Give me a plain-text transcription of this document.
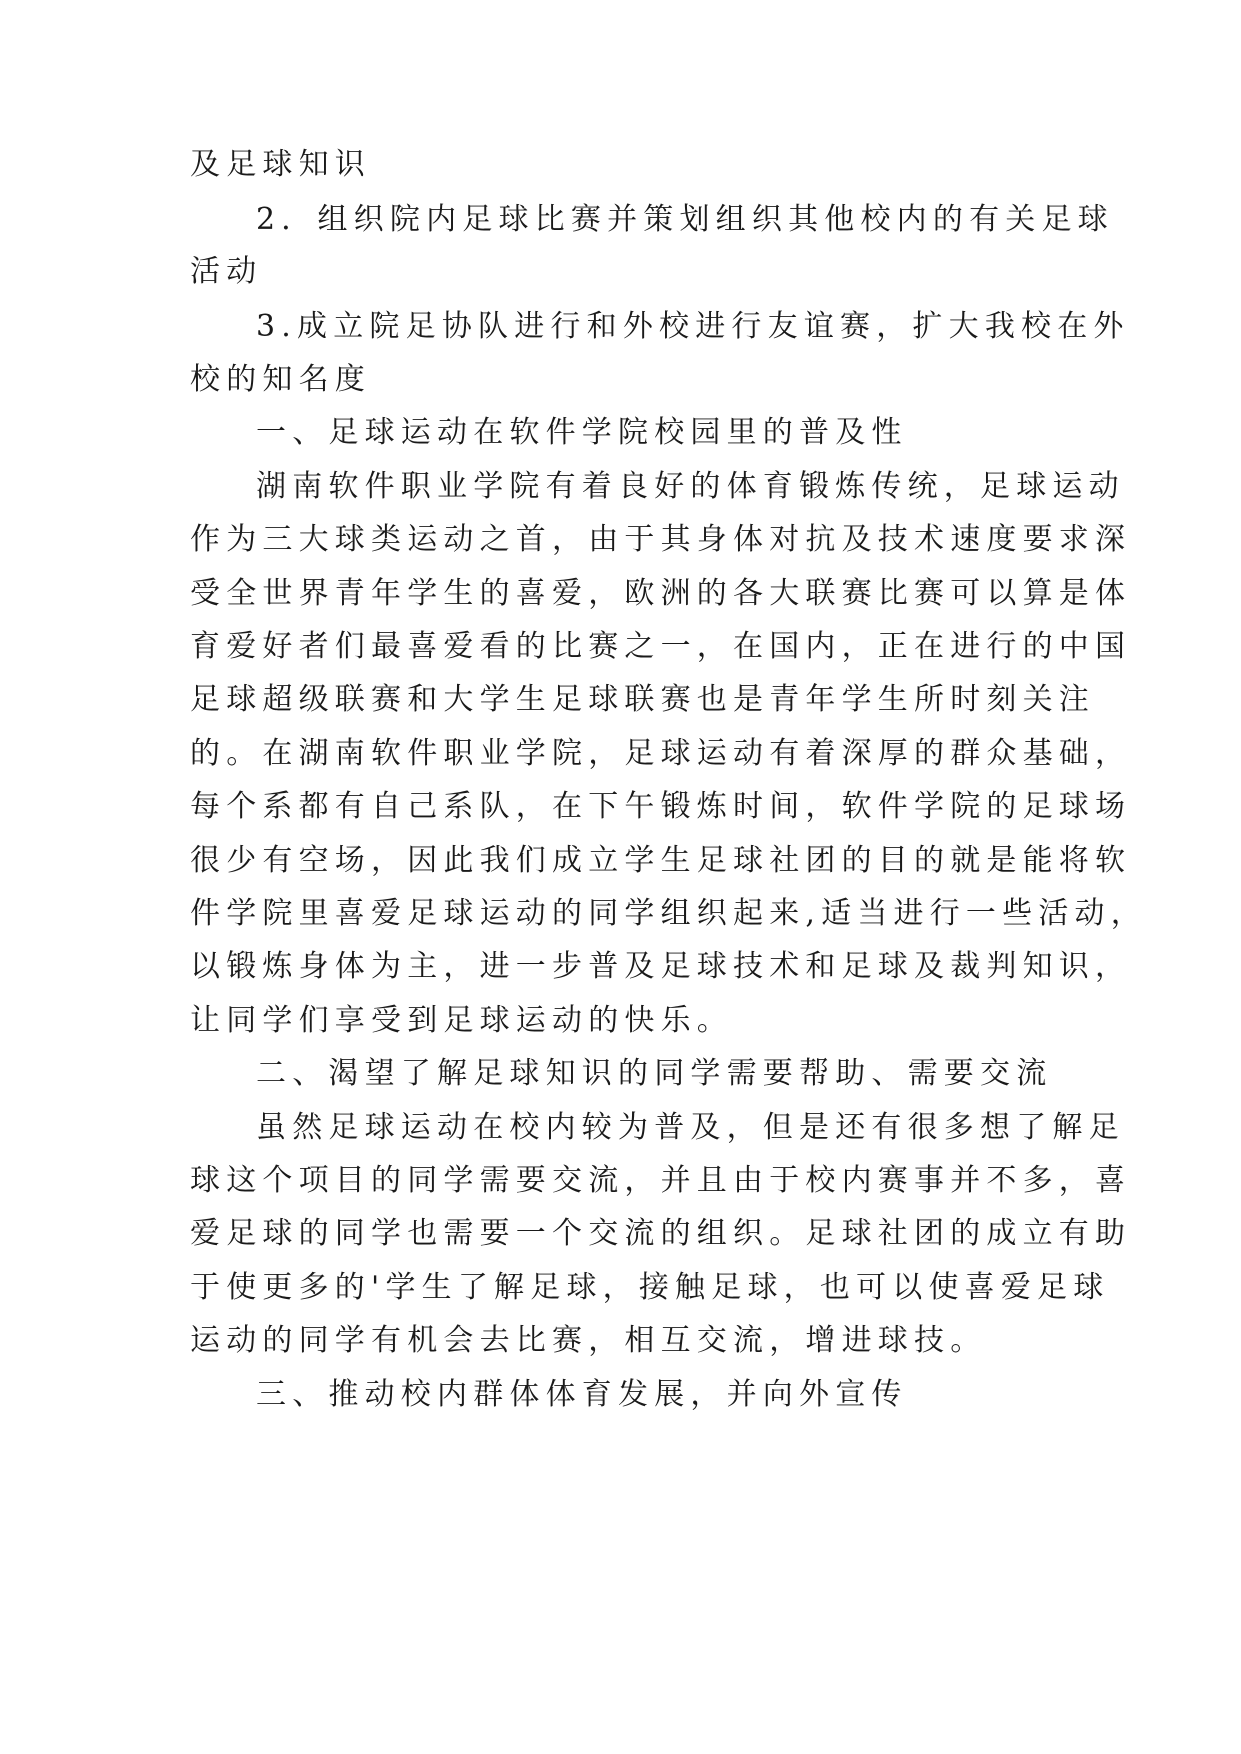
及足球知识

2．组织院内足球比赛并策划组织其他校内的有关足球

活动

3.成立院足协队进行和外校进行友谊赛，扩大我校在外

校的知名度

一、足球运动在软件学院校园里的普及性

湖南软件职业学院有着良好的体育锻炼传统，足球运动

作为三大球类运动之首，由于其身体对抗及技术速度要求深

受全世界青年学生的喜爱，欧洲的各大联赛比赛可以算是体

育爱好者们最喜爱看的比赛之一，在国内，正在进行的中国

足球超级联赛和大学生足球联赛也是青年学生所时刻关注

的。在湖南软件职业学院，足球运动有着深厚的群众基础，

每个系都有自己系队，在下午锻炼时间，软件学院的足球场

很少有空场，因此我们成立学生足球社团的目的就是能将软

件学院里喜爱足球运动的同学组织起来,适当进行一些活动，

以锻炼身体为主，进一步普及足球技术和足球及裁判知识，

让同学们享受到足球运动的快乐。

二、渴望了解足球知识的同学需要帮助、需要交流

虽然足球运动在校内较为普及，但是还有很多想了解足

球这个项目的同学需要交流，并且由于校内赛事并不多，喜

爱足球的同学也需要一个交流的组织。足球社团的成立有助

于使更多的'学生了解足球，接触足球，也可以使喜爱足球

运动的同学有机会去比赛，相互交流，增进球技。

三、推动校内群体体育发展，并向外宣传
